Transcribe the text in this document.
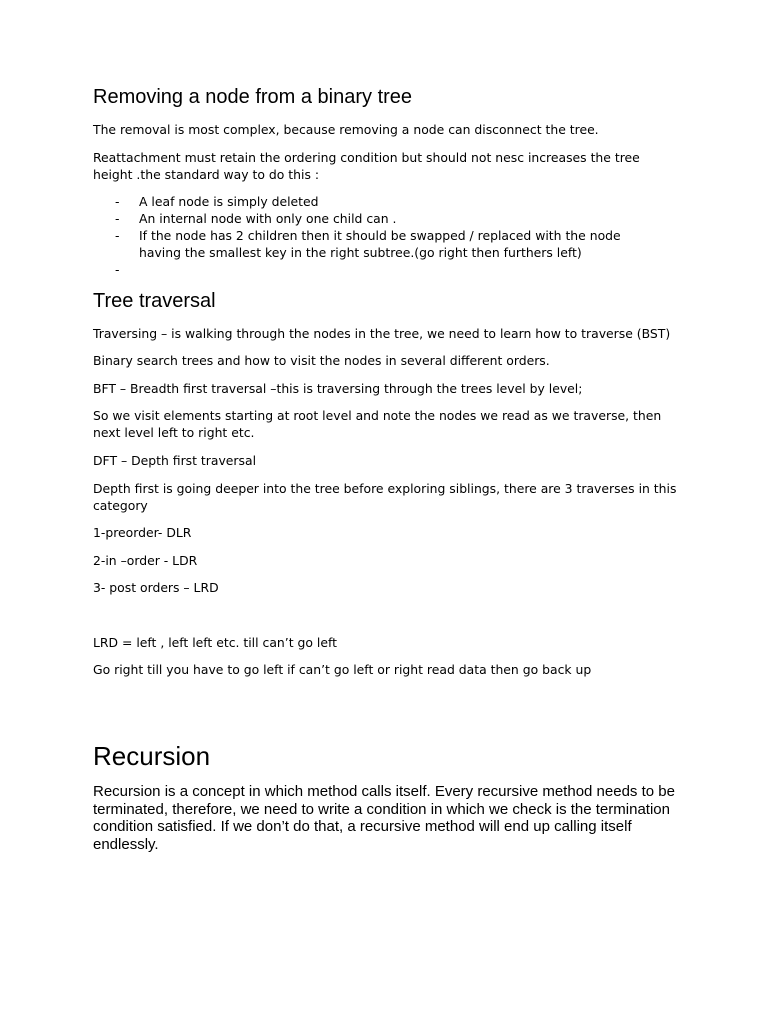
Removing a node from a binary tree

The removal is most complex, because removing a node can disconnect the tree.

Reattachment must retain the ordering condition but should not nesc increases the tree height .the standard way to do this :

- A leaf node is simply deleted
- An internal node with only one child can .
- If the node has 2 children then it should be swapped / replaced with the node having the smallest key in the right subtree.(go right then furthers left)
-
Tree traversal

Traversing – is walking through the nodes in the tree, we need to learn how to traverse (BST)

Binary search trees and how to visit the nodes in several different orders.

BFT – Breadth first traversal –this is traversing through the trees level by level;

So we visit elements starting at root level and note the nodes we read as we traverse, then next level left to right etc.

DFT – Depth first traversal

Depth first is going deeper into the tree before exploring siblings, there are 3 traverses in this category

1-preorder- DLR

2-in –order - LDR

3- post orders – LRD

LRD = left , left left etc. till can’t go left

Go right till you have to go left if can’t go left or right read data then go back up

Recursion

Recursion is a concept in which method calls itself. Every recursive method needs to be terminated, therefore, we need to write a condition in which we check is the termination condition satisfied. If we don’t do that, a recursive method will end up calling itself endlessly.
